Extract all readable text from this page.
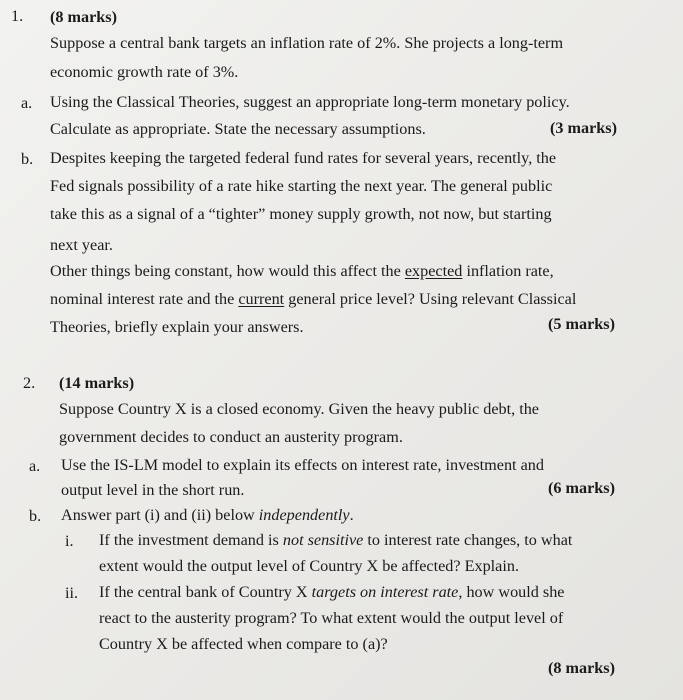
1. (8 marks)
Suppose a central bank targets an inflation rate of 2%. She projects a long-term
economic growth rate of 3%.
a. Using the Classical Theories, suggest an appropriate long-term monetary policy.
Calculate as appropriate. State the necessary assumptions.	(3 marks)
b. Despites keeping the targeted federal fund rates for several years, recently, the
Fed signals possibility of a rate hike starting the next year. The general public
take this as a signal of a “tighter” money supply growth, not now, but starting
next year.
Other things being constant, how would this affect the expected inflation rate,
nominal interest rate and the current general price level? Using relevant Classical
Theories, briefly explain your answers.	(5 marks)
2. (14 marks)
Suppose Country X is a closed economy. Given the heavy public debt, the
government decides to conduct an austerity program.
a. Use the IS-LM model to explain its effects on interest rate, investment and
output level in the short run.	(6 marks)
b. Answer part (i) and (ii) below independently.
i. If the investment demand is not sensitive to interest rate changes, to what
extent would the output level of Country X be affected? Explain.
ii. If the central bank of Country X targets on interest rate, how would she
react to the austerity program? To what extent would the output level of
Country X be affected when compare to (a)?
(8 marks)
